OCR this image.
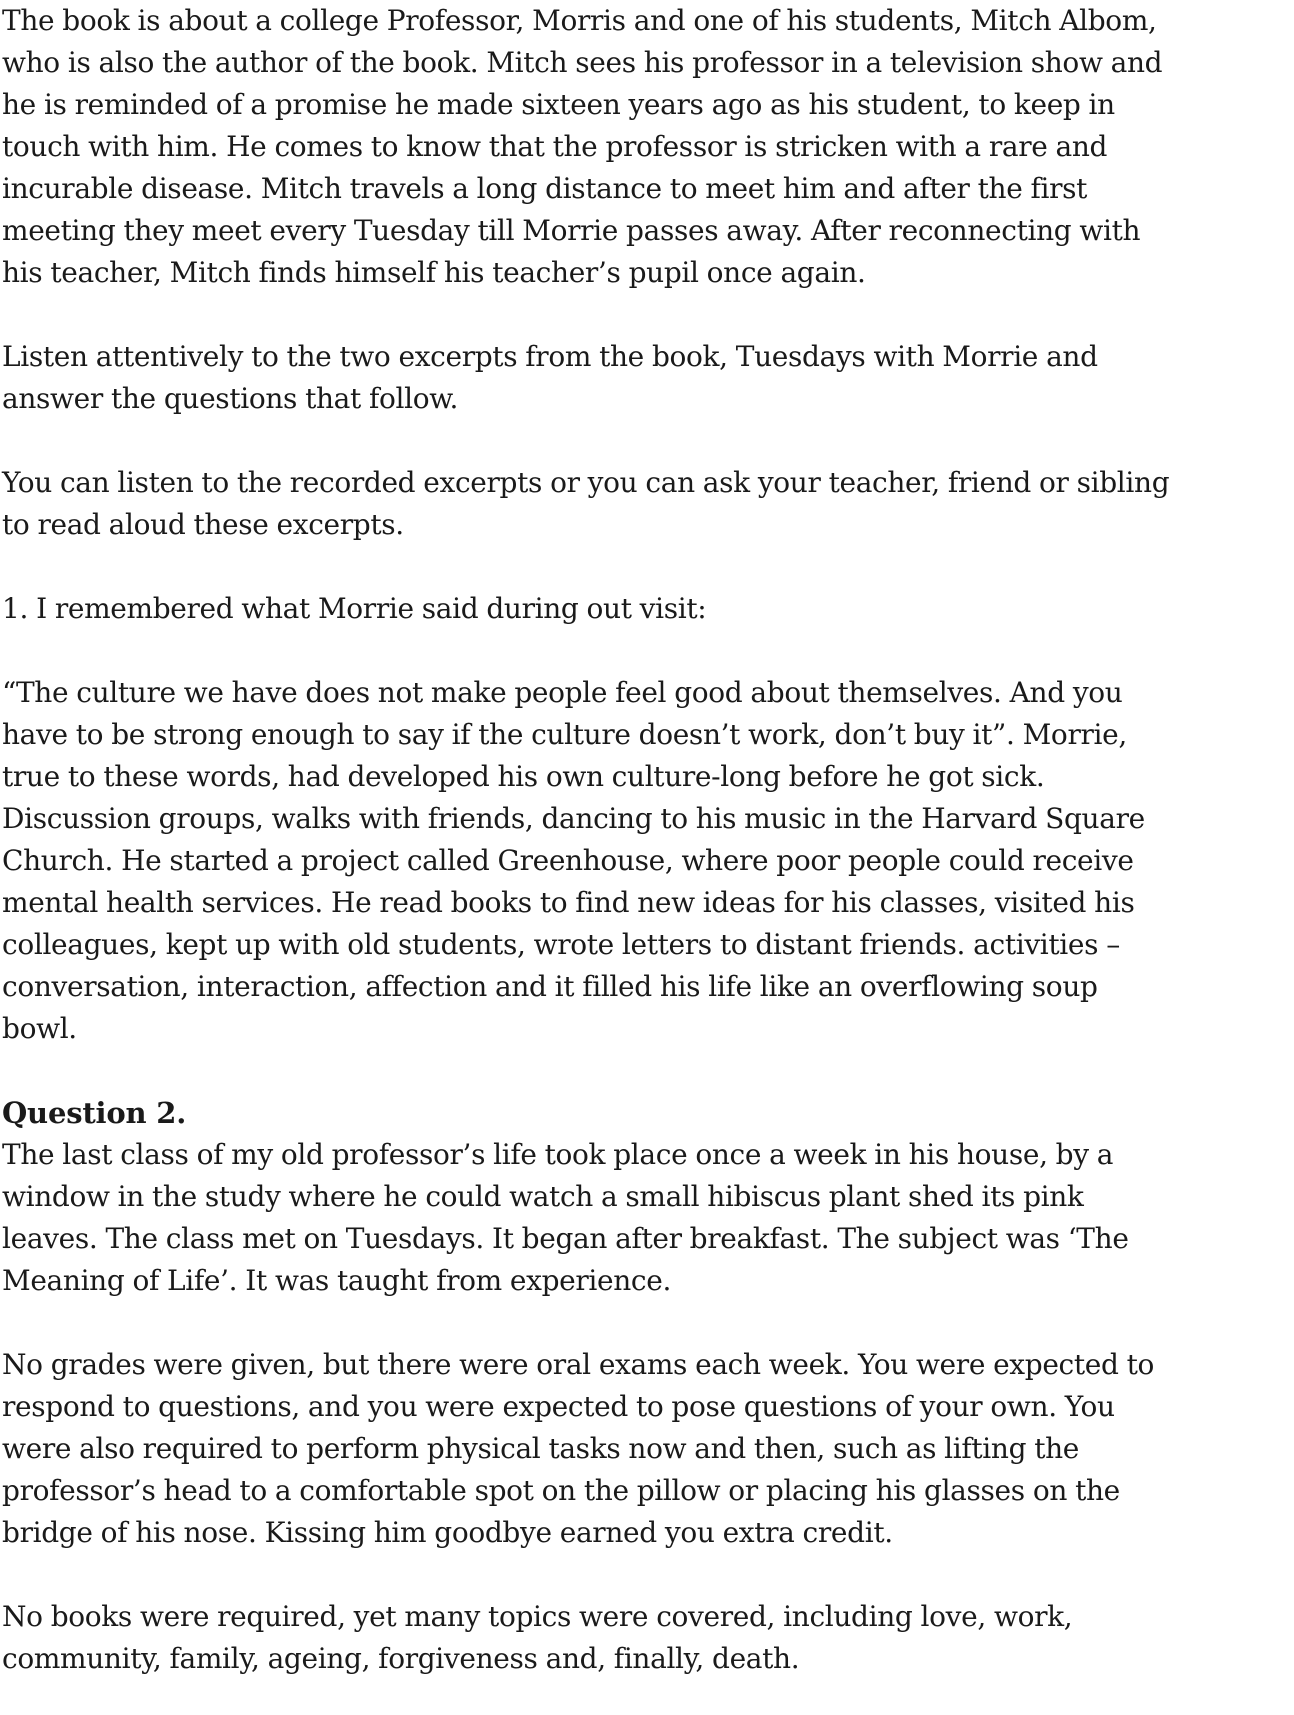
The book is about a college Professor, Morris and one of his students, Mitch Albom,
who is also the author of the book. Mitch sees his professor in a television show and
he is reminded of a promise he made sixteen years ago as his student, to keep in
touch with him. He comes to know that the professor is stricken with a rare and
incurable disease. Mitch travels a long distance to meet him and after the first
meeting they meet every Tuesday till Morrie passes away. After reconnecting with
his teacher, Mitch finds himself his teacher’s pupil once again.

Listen attentively to the two excerpts from the book, Tuesdays with Morrie and
answer the questions that follow.

You can listen to the recorded excerpts or you can ask your teacher, friend or sibling
to read aloud these excerpts.

1. I remembered what Morrie said during out visit:

“The culture we have does not make people feel good about themselves. And you
have to be strong enough to say if the culture doesn’t work, don’t buy it”. Morrie,
true to these words, had developed his own culture-long before he got sick.
Discussion groups, walks with friends, dancing to his music in the Harvard Square
Church. He started a project called Greenhouse, where poor people could receive
mental health services. He read books to find new ideas for his classes, visited his
colleagues, kept up with old students, wrote letters to distant friends. activities –
conversation, interaction, affection and it filled his life like an overflowing soup
bowl.

Question 2.

The last class of my old professor’s life took place once a week in his house, by a
window in the study where he could watch a small hibiscus plant shed its pink
leaves. The class met on Tuesdays. It began after breakfast. The subject was ‘The
Meaning of Life’. It was taught from experience.

No grades were given, but there were oral exams each week. You were expected to
respond to questions, and you were expected to pose questions of your own. You
were also required to perform physical tasks now and then, such as lifting the
professor’s head to a comfortable spot on the pillow or placing his glasses on the
bridge of his nose. Kissing him goodbye earned you extra credit.

No books were required, yet many topics were covered, including love, work,
community, family, ageing, forgiveness and, finally, death.
